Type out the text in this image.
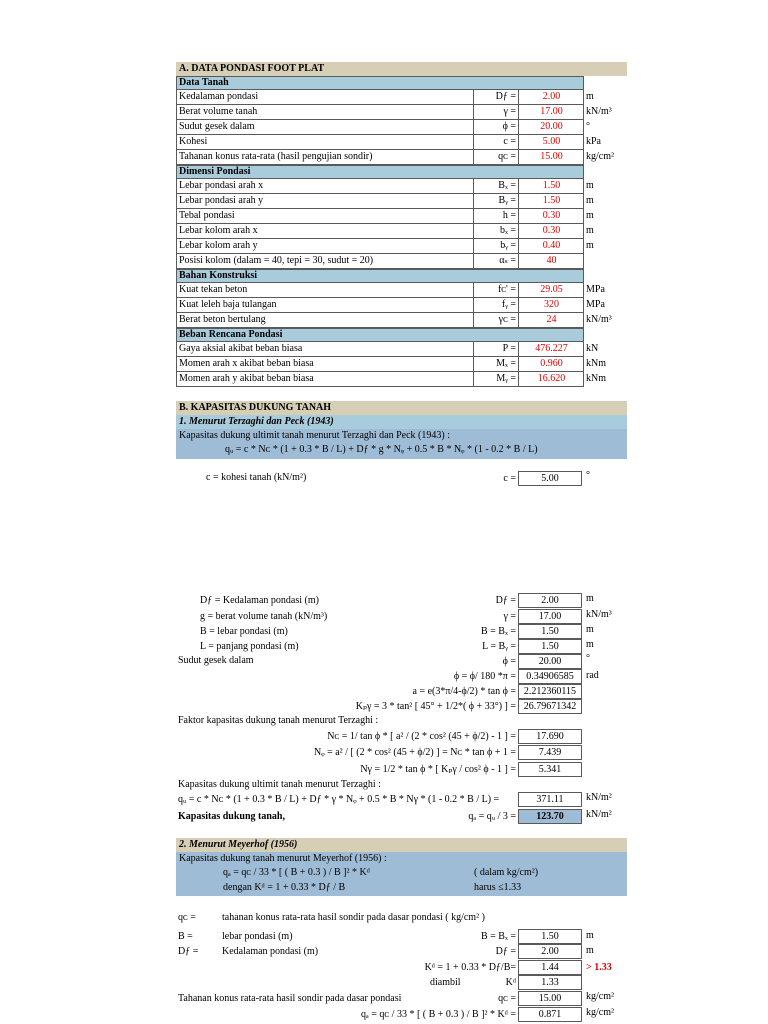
A. DATA PONDASI FOOT PLAT
Data Tanah
Kedalaman pondasi	Dƒ =	2.00	m
Berat volume tanah	γ =	17.00	kN/m³
Sudut gesek dalam	ϕ =	20.00	°
Kohesi	c =	5.00	kPa
Tahanan konus rata-rata (hasil pengujian sondir)	qᴄ =	15.00	kg/cm²
Dimensi Pondasi
Lebar pondasi arah x	Bₓ =	1.50	m
Lebar pondasi arah y	Bᵧ =	1.50	m
Tebal pondasi	h =	0.30	m
Lebar kolom arah x	bₓ =	0.30	m
Lebar kolom arah y	bᵧ =	0.40	m
Posisi kolom (dalam = 40, tepi = 30, sudut = 20)	αₛ =	40
Bahan Konstruksi
Kuat tekan beton	fᴄ' =	29.05	MPa
Kuat leleh baja tulangan	fᵧ =	320	MPa
Berat beton bertulang	γᴄ =	24	kN/m³
Beban Rencana Pondasi
Gaya aksial akibat beban biasa	P =	476.227	kN
Momen arah x akibat beban biasa	Mₓ =	0.960	kNm
Momen arah y akibat beban biasa	Mᵧ =	16.620	kNm
B. KAPASITAS DUKUNG TANAH
1. Menurut Terzaghi dan Peck (1943)
Kapasitas dukung ultimit tanah menurut Terzaghi dan Peck (1943) :
qᵤ = c * Nᴄ * (1 + 0.3 * B / L) + Dƒ * g * Nᵩ + 0.5 * B * Nᵩ * (1 - 0.2 * B / L)
c = kohesi tanah (kN/m²)	c =	5.00	°
Dƒ = Kedalaman pondasi (m)	Dƒ =	2.00	m
g = berat volume tanah (kN/m³)	γ =	17.00	kN/m³
B = lebar pondasi (m)	B = Bₓ =	1.50	m
L = panjang pondasi (m)	L = Bᵧ =	1.50	m
Sudut gesek dalam	ϕ =	20.00	°
ϕ = ϕ/ 180 *π =	0.34906585	rad
a = e(3*π/4-ϕ/2) * tan ϕ = 2.212360115
Kₚγ = 3 * tan² [ 45° + 1/2*( ϕ + 33°) ] = 26.79671342
Faktor kapasitas dukung tanah menurut Terzaghi :
Nᴄ = 1/ tan ϕ * [ a² / (2 * cos² (45 + ϕ/2) - 1 ] =	17.690
Nᵩ = a² / [ (2 * cos² (45 + ϕ/2) ] = Nᴄ * tan ϕ + 1 =	7.439
Nγ = 1/2 * tan ϕ * [ Kₚγ / cos² ϕ - 1 ] =	5.341
Kapasitas dukung ultimit tanah menurut Terzaghi :
qᵤ = c * Nᴄ * (1 + 0.3 * B / L) + Dƒ * γ * Nᵩ + 0.5 * B * Nγ * (1 - 0.2 * B / L) =	371.11	kN/m²
Kapasitas dukung tanah,	qₐ = qᵤ / 3 =	123.70	kN/m²
2. Menurut Meyerhof (1956)
Kapasitas dukung tanah menurut Meyerhof (1956) :
qₐ = qᴄ / 33 * [ ( B + 0.3 ) / B ]² * Kᵈ	( dalam kg/cm²)
dengan Kᵈ = 1 + 0.33 * Dƒ / B	harus ≤1.33
qᴄ =	tahanan konus rata-rata hasil sondir pada dasar pondasi ( kg/cm² )
B =	lebar pondasi (m)	B = Bₓ =	1.50	m
Dƒ = Kedalaman pondasi (m)	Dƒ =	2.00	m
Kᵈ = 1 + 0.33 * Dƒ/B=	1.44	> 1.33
diambil	Kᵈ	1.33
Tahanan konus rata-rata hasil sondir pada dasar pondasi	qᴄ =	15.00	kg/cm²
qₐ = qᴄ / 33 * [ ( B + 0.3 ) / B ]² * Kᵈ =	0.871	kg/cm²
